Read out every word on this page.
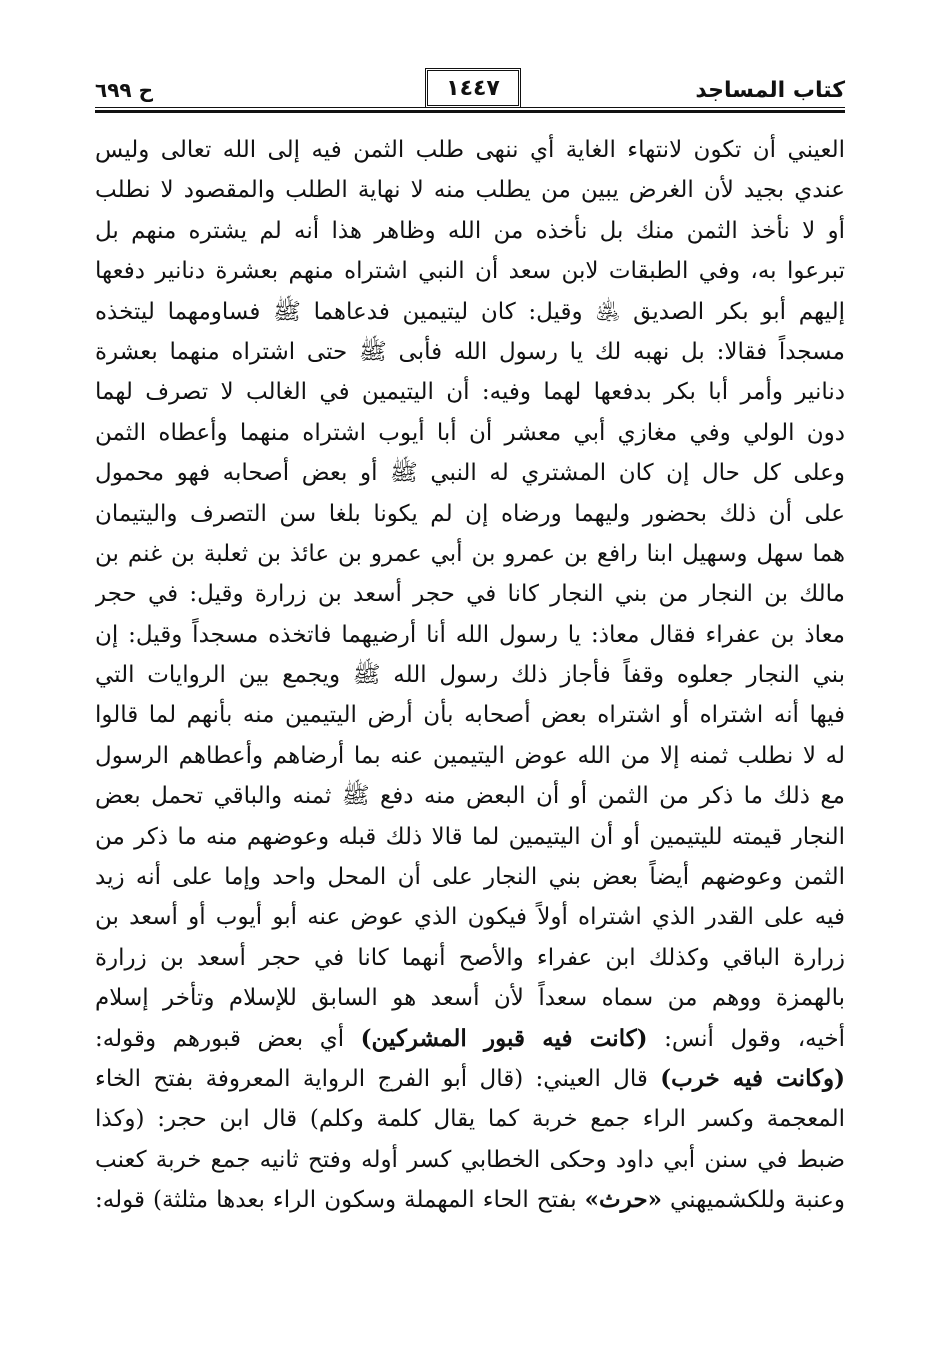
كتاب المساجد
١٤٤٧
ح ٦٩٩
العيني أن تكون لانتهاء الغاية أي ننهى طلب الثمن فيه إلى الله تعالى وليس
عندي بجيد لأن الغرض يبين من يطلب منه لا نهاية الطلب والمقصود لا نطلب
أو لا نأخذ الثمن منك بل نأخذه من الله وظاهر هذا أنه لم يشتره منهم بل
تبرعوا به، وفي الطبقات لابن سعد أن النبي اشتراه منهم بعشرة دنانير دفعها
إليهم أبو بكر الصديق ﵁ وقيل: كان ليتيمين فدعاهما ﷺ فساومهما ليتخذه
مسجداً فقالا: بل نهبه لك يا رسول الله فأبى ﷺ حتى اشتراه منهما بعشرة
دنانير وأمر أبا بكر بدفعها لهما وفيه: أن اليتيمين في الغالب لا تصرف لهما
دون الولي وفي مغازي أبي معشر أن أبا أيوب اشتراه منهما وأعطاه الثمن
وعلى كل حال إن كان المشتري له النبي ﷺ أو بعض أصحابه فهو محمول
على أن ذلك بحضور وليهما ورضاه إن لم يكونا بلغا سن التصرف واليتيمان
هما سهل وسهيل ابنا رافع بن عمرو بن أبي عمرو بن عائذ بن ثعلبة بن غنم بن
مالك بن النجار من بني النجار كانا في حجر أسعد بن زرارة وقيل: في حجر
معاذ بن عفراء فقال معاذ: يا رسول الله أنا أرضيهما فاتخذه مسجداً وقيل: إن
بني النجار جعلوه وقفاً فأجاز ذلك رسول الله ﷺ ويجمع بين الروايات التي
فيها أنه اشتراه أو اشتراه بعض أصحابه بأن أرض اليتيمين منه بأنهم لما قالوا
له لا نطلب ثمنه إلا من الله عوض اليتيمين عنه بما أرضاهم وأعطاهم الرسول
مع ذلك ما ذكر من الثمن أو أن البعض منه دفع ﷺ ثمنه والباقي تحمل بعض
النجار قيمته لليتيمين أو أن اليتيمين لما قالا ذلك قبله وعوضهم منه ما ذكر من
الثمن وعوضهم أيضاً بعض بني النجار على أن المحل واحد وإما على أنه زيد
فيه على القدر الذي اشتراه أولاً فيكون الذي عوض عنه أبو أيوب أو أسعد بن
زرارة الباقي وكذلك ابن عفراء والأصح أنهما كانا في حجر أسعد بن زرارة
بالهمزة ووهم من سماه سعداً لأن أسعد هو السابق للإسلام وتأخر إسلام
أخيه، وقول أنس: (كانت فيه قبور المشركين) أي بعض قبورهم وقوله:
(وكانت فيه خرب) قال العيني: (قال أبو الفرج الرواية المعروفة بفتح الخاء
المعجمة وكسر الراء جمع خربة كما يقال كلمة وكلم) قال ابن حجر: (وكذا
ضبط في سنن أبي داود وحكى الخطابي كسر أوله وفتح ثانيه جمع خربة كعنب
وعنبة وللكشميهني «حرث» بفتح الحاء المهملة وسكون الراء بعدها مثلثة) قوله:
